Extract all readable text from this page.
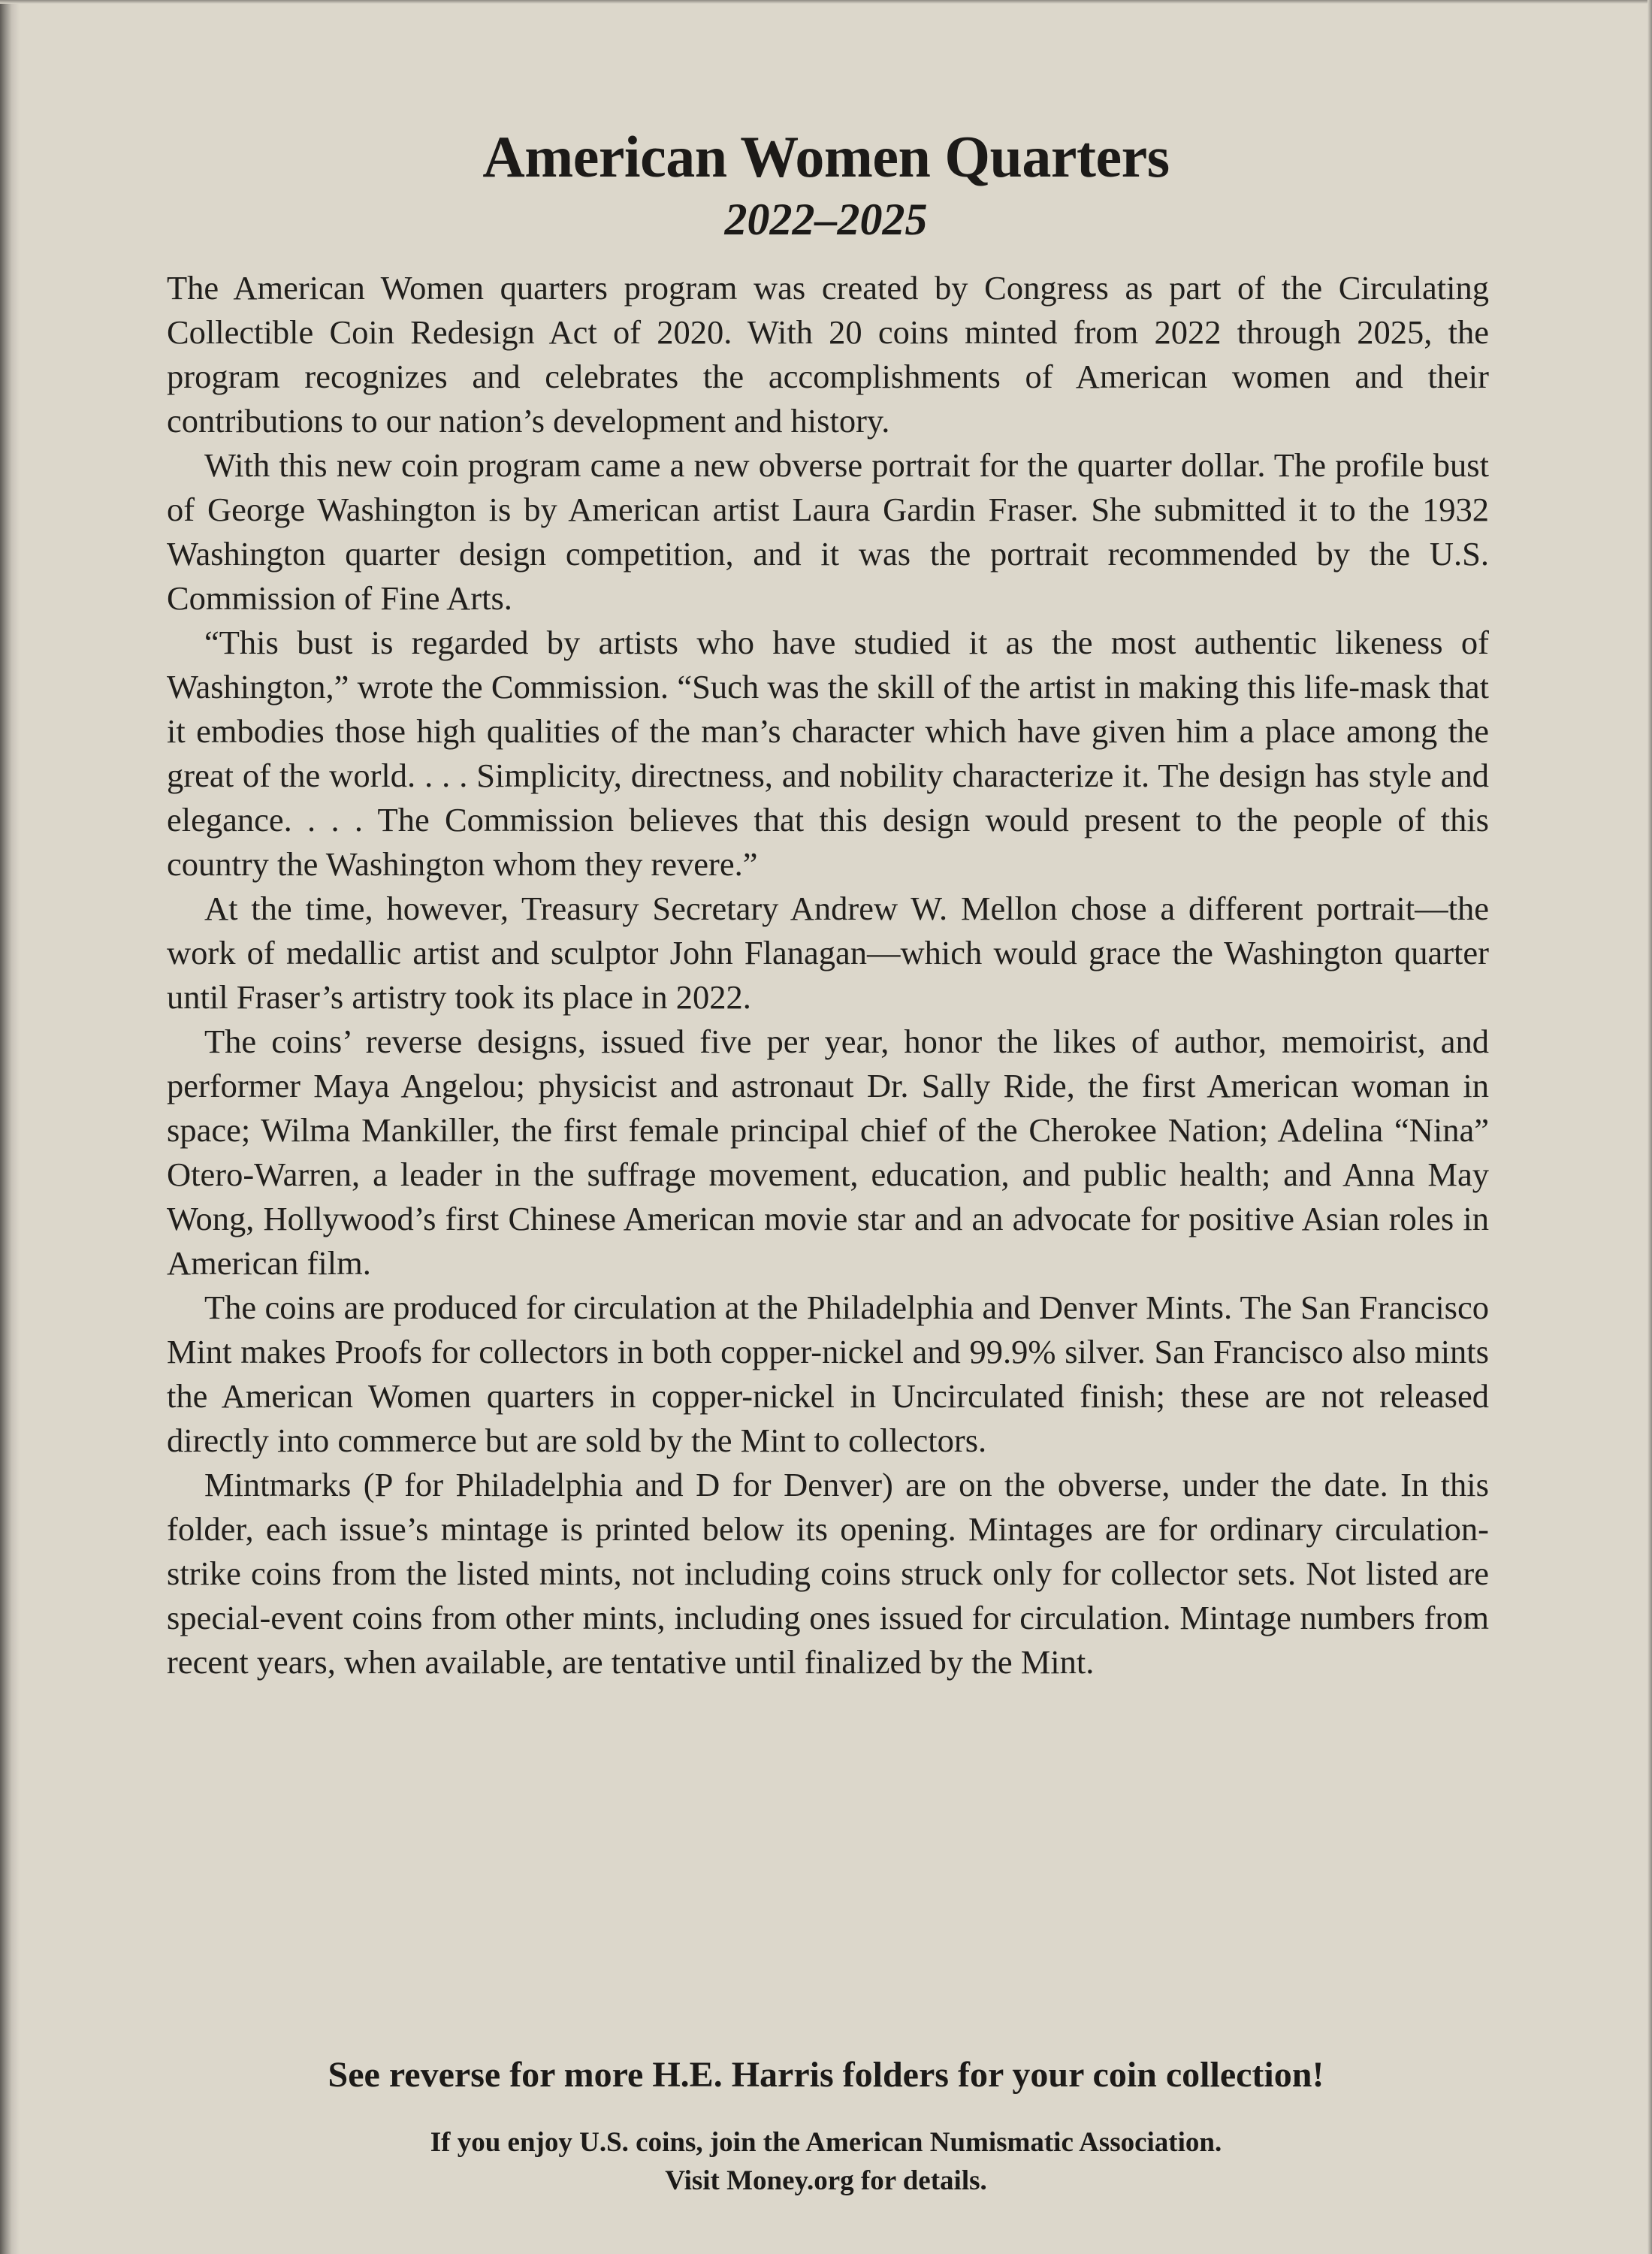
American Women Quarters
2022–2025

The American Women quarters program was created by Congress as part of the Circulating Collectible Coin Redesign Act of 2020. With 20 coins minted from 2022 through 2025, the program recognizes and celebrates the accomplishments of American women and their contributions to our nation’s development and history.

With this new coin program came a new obverse portrait for the quarter dollar. The profile bust of George Washington is by American artist Laura Gardin Fraser. She submitted it to the 1932 Washington quarter design competition, and it was the portrait recommended by the U.S. Commission of Fine Arts.

“This bust is regarded by artists who have studied it as the most authentic likeness of Washington,” wrote the Commission. “Such was the skill of the artist in making this life-mask that it embodies those high qualities of the man’s character which have given him a place among the great of the world. . . . Simplicity, directness, and nobility characterize it. The design has style and elegance. . . . The Commission believes that this design would present to the people of this country the Washington whom they revere.”

At the time, however, Treasury Secretary Andrew W. Mellon chose a different portrait—the work of medallic artist and sculptor John Flanagan—which would grace the Washington quarter until Fraser’s artistry took its place in 2022.

The coins’ reverse designs, issued five per year, honor the likes of author, memoirist, and performer Maya Angelou; physicist and astronaut Dr. Sally Ride, the first American woman in space; Wilma Mankiller, the first female principal chief of the Cherokee Nation; Adelina “Nina” Otero-Warren, a leader in the suffrage movement, education, and public health; and Anna May Wong, Hollywood’s first Chinese American movie star and an advocate for positive Asian roles in American film.

The coins are produced for circulation at the Philadelphia and Denver Mints. The San Francisco Mint makes Proofs for collectors in both copper-nickel and 99.9% silver. San Francisco also mints the American Women quarters in copper-nickel in Uncirculated finish; these are not released directly into commerce but are sold by the Mint to collectors.

Mintmarks (P for Philadelphia and D for Denver) are on the obverse, under the date. In this folder, each issue’s mintage is printed below its opening. Mintages are for ordinary circulation-strike coins from the listed mints, not including coins struck only for collector sets. Not listed are special-event coins from other mints, including ones issued for circulation. Mintage numbers from recent years, when available, are tentative until finalized by the Mint.

See reverse for more H.E. Harris folders for your coin collection!

If you enjoy U.S. coins, join the American Numismatic Association.
Visit Money.org for details.
